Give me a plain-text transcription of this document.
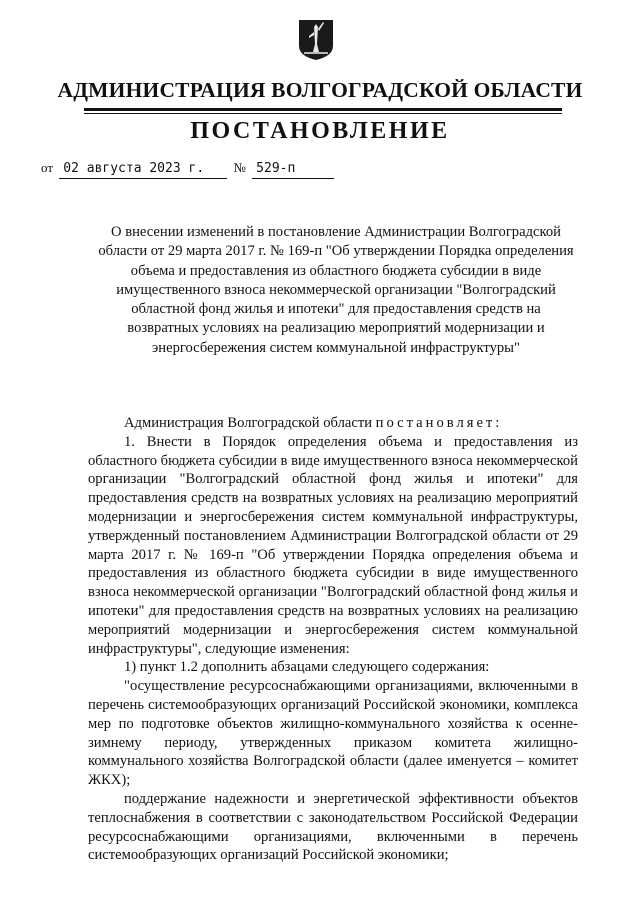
АДМИНИСТРАЦИЯ ВОЛГОГРАДСКОЙ ОБЛАСТИ
ПОСТАНОВЛЕНИЕ
от 02 августа 2023 г. № 529-п
О внесении изменений в постановление Администрации Волгоградской области от 29 марта 2017 г. № 169-п "Об утверждении Порядка определения объема и предоставления из областного бюджета субсидии в виде имущественного взноса некоммерческой организации "Волгоградский областной фонд жилья и ипотеки" для предоставления средств на возвратных условиях на реализацию мероприятий модернизации и энергосбережения систем коммунальной инфраструктуры"

Администрация Волгоградской области постановляет:

1. Внести в Порядок определения объема и предоставления из областного бюджета субсидии в виде имущественного взноса некоммерческой организации "Волгоградский областной фонд жилья и ипотеки" для предоставления средств на возвратных условиях на реализацию мероприятий модернизации и энергосбережения систем коммунальной инфраструктуры, утвержденный постановлением Администрации Волгоградской области от 29 марта 2017 г. № 169-п "Об утверждении Порядка определения объема и предоставления из областного бюджета субсидии в виде имущественного взноса некоммерческой организации "Волгоградский областной фонд жилья и ипотеки" для предоставления средств на возвратных условиях на реализацию мероприятий модернизации и энергосбережения систем коммунальной инфраструктуры", следующие изменения:

1) пункт 1.2 дополнить абзацами следующего содержания:

"осуществление ресурсоснабжающими организациями, включенными в перечень системообразующих организаций Российской экономики, комплекса мер по подготовке объектов жилищно-коммунального хозяйства к осенне-зимнему периоду, утвержденных приказом комитета жилищно-коммунального хозяйства Волгоградской области (далее именуется – комитет ЖКХ);

поддержание надежности и энергетической эффективности объектов теплоснабжения в соответствии с законодательством Российской Федерации ресурсоснабжающими организациями, включенными в перечень системообразующих организаций Российской экономики;
